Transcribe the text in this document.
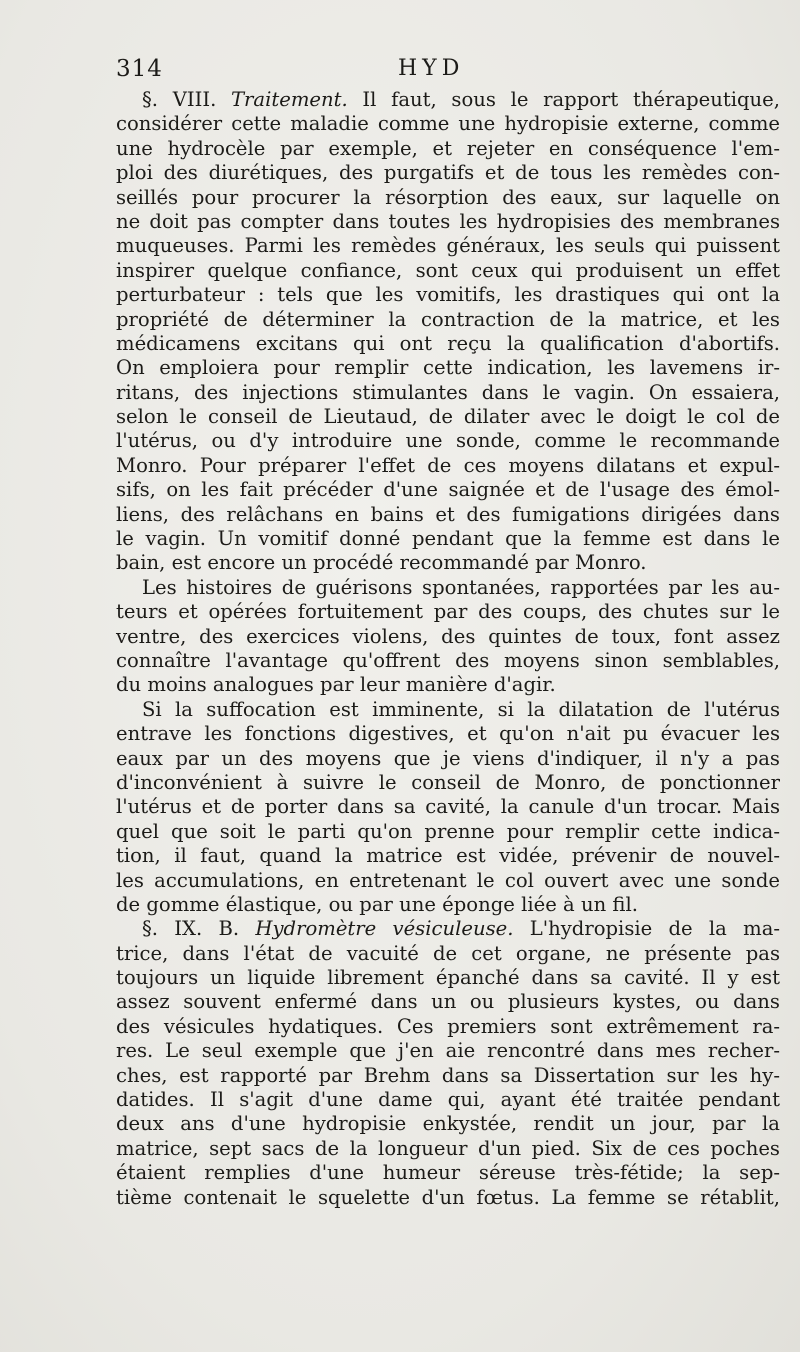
314	HYD
§. VIII. Traitement. Il faut, sous le rapport thérapeutique,
considérer cette maladie comme une hydropisie externe, comme
une hydrocèle par exemple, et rejeter en conséquence l'em-
ploi des diurétiques, des purgatifs et de tous les remèdes con-
seillés pour procurer la résorption des eaux, sur laquelle on
ne doit pas compter dans toutes les hydropisies des membranes
muqueuses. Parmi les remèdes généraux, les seuls qui puissent
inspirer quelque confiance, sont ceux qui produisent un effet
perturbateur : tels que les vomitifs, les drastiques qui ont la
propriété de déterminer la contraction de la matrice, et les
médicamens excitans qui ont reçu la qualification d'abortifs.
On emploiera pour remplir cette indication, les lavemens ir-
ritans, des injections stimulantes dans le vagin. On essaiera,
selon le conseil de Lieutaud, de dilater avec le doigt le col de
l'utérus, ou d'y introduire une sonde, comme le recommande
Monro. Pour préparer l'effet de ces moyens dilatans et expul-
sifs, on les fait précéder d'une saignée et de l'usage des émol-
liens, des relâchans en bains et des fumigations dirigées dans
le vagin. Un vomitif donné pendant que la femme est dans le
bain, est encore un procédé recommandé par Monro.
Les histoires de guérisons spontanées, rapportées par les au-
teurs et opérées fortuitement par des coups, des chutes sur le
ventre, des exercices violens, des quintes de toux, font assez
connaître l'avantage qu'offrent des moyens sinon semblables,
du moins analogues par leur manière d'agir.
Si la suffocation est imminente, si la dilatation de l'utérus
entrave les fonctions digestives, et qu'on n'ait pu évacuer les
eaux par un des moyens que je viens d'indiquer, il n'y a pas
d'inconvénient à suivre le conseil de Monro, de ponctionner
l'utérus et de porter dans sa cavité, la canule d'un trocar. Mais
quel que soit le parti qu'on prenne pour remplir cette indica-
tion, il faut, quand la matrice est vidée, prévenir de nouvel-
les accumulations, en entretenant le col ouvert avec une sonde
de gomme élastique, ou par une éponge liée à un fil.
§. IX. B. Hydromètre vésiculeuse. L'hydropisie de la ma-
trice, dans l'état de vacuité de cet organe, ne présente pas
toujours un liquide librement épanché dans sa cavité. Il y est
assez souvent enfermé dans un ou plusieurs kystes, ou dans
des vésicules hydatiques. Ces premiers sont extrêmement ra-
res. Le seul exemple que j'en aie rencontré dans mes recher-
ches, est rapporté par Brehm dans sa Dissertation sur les hy-
datides. Il s'agit d'une dame qui, ayant été traitée pendant
deux ans d'une hydropisie enkystée, rendit un jour, par la
matrice, sept sacs de la longueur d'un pied. Six de ces poches
étaient remplies d'une humeur séreuse très-fétide; la sep-
tième contenait le squelette d'un fœtus. La femme se rétablit,
